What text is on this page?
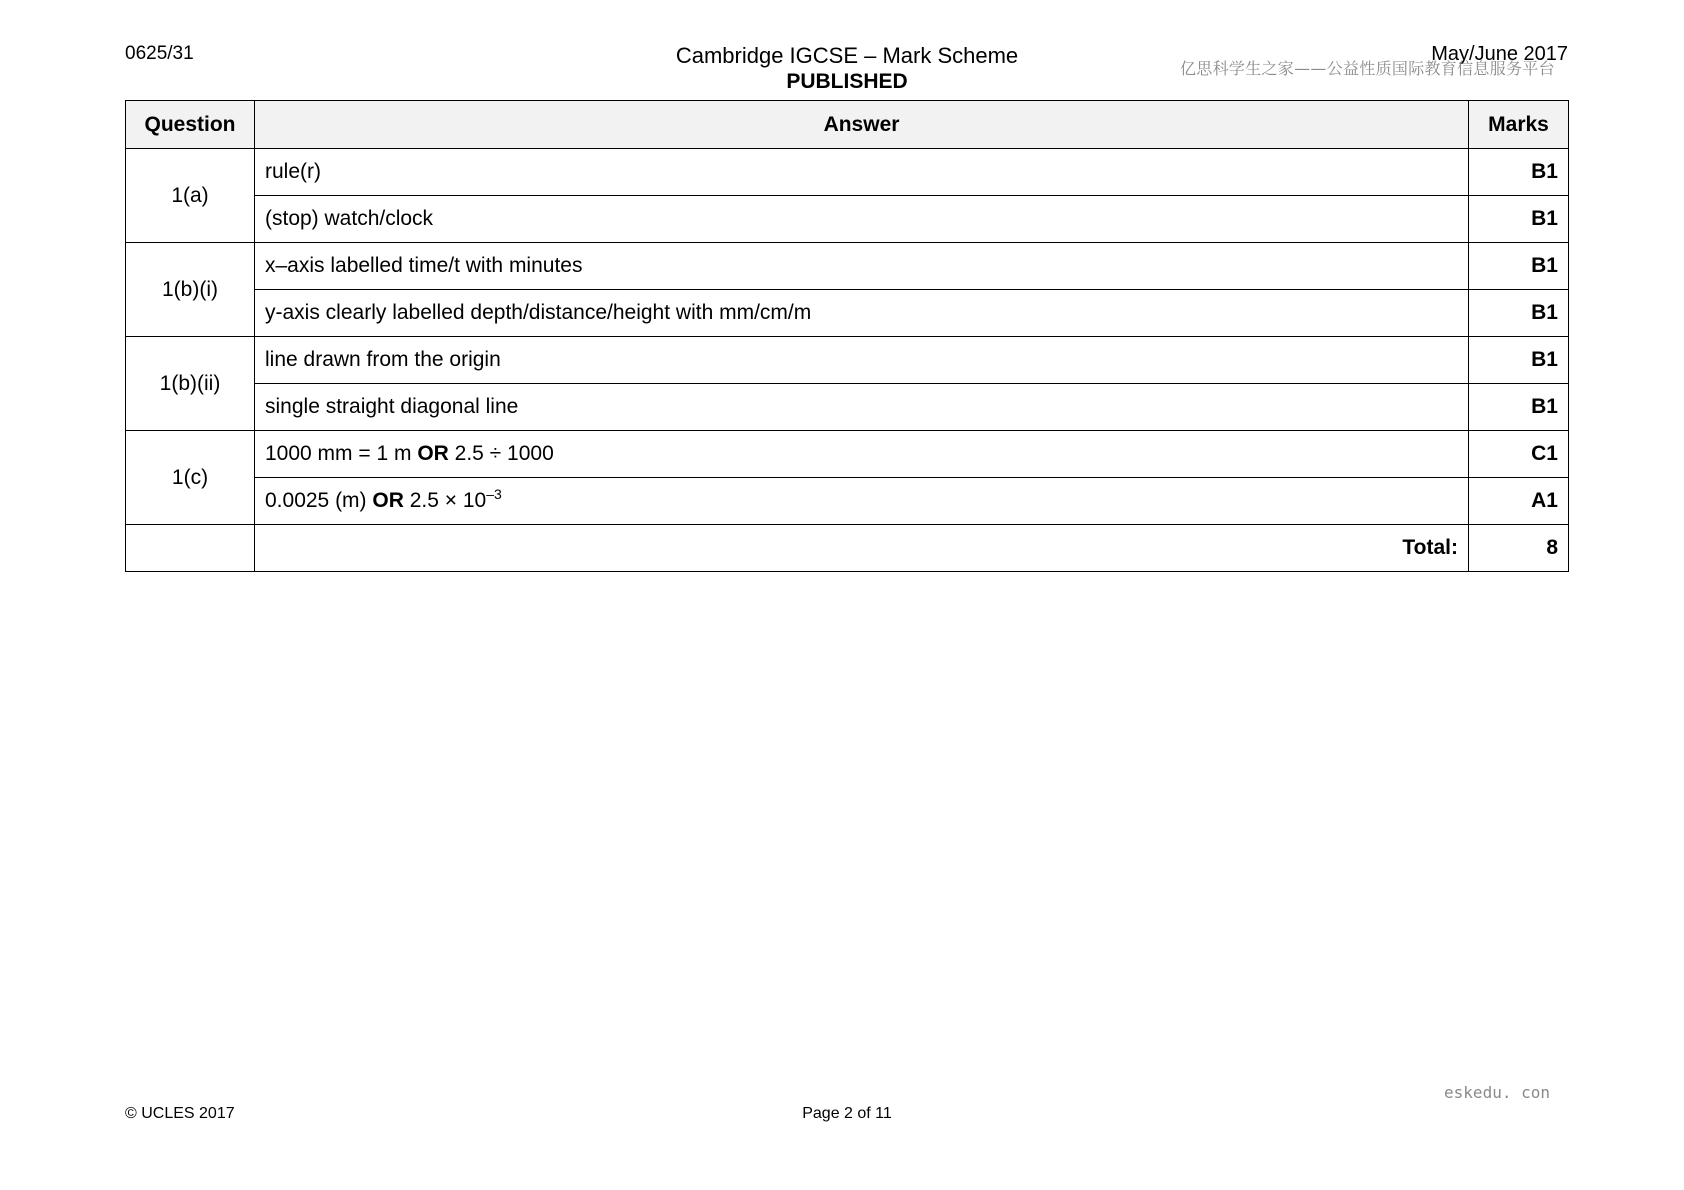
0625/31	Cambridge IGCSE – Mark Scheme
PUBLISHED
May/June 2017
亿思科学生之家——公益性质国际教育信息服务平台
Question	Answer	Marks
1(a)	rule(r)	B1
	(stop) watch/clock	B1
1(b)(i)	x–axis labelled time/t with minutes	B1
	y-axis clearly labelled depth/distance/height with mm/cm/m	B1
1(b)(ii)	line drawn from the origin	B1
	single straight diagonal line	B1
1(c)	1000 mm = 1 m OR 2.5 ÷ 1000	C1
	0.0025 (m) OR $2.5 \times 10^{-3}$	A1
	Total:	8
eskedu. con
© UCLES 2017	Page 2 of 11
